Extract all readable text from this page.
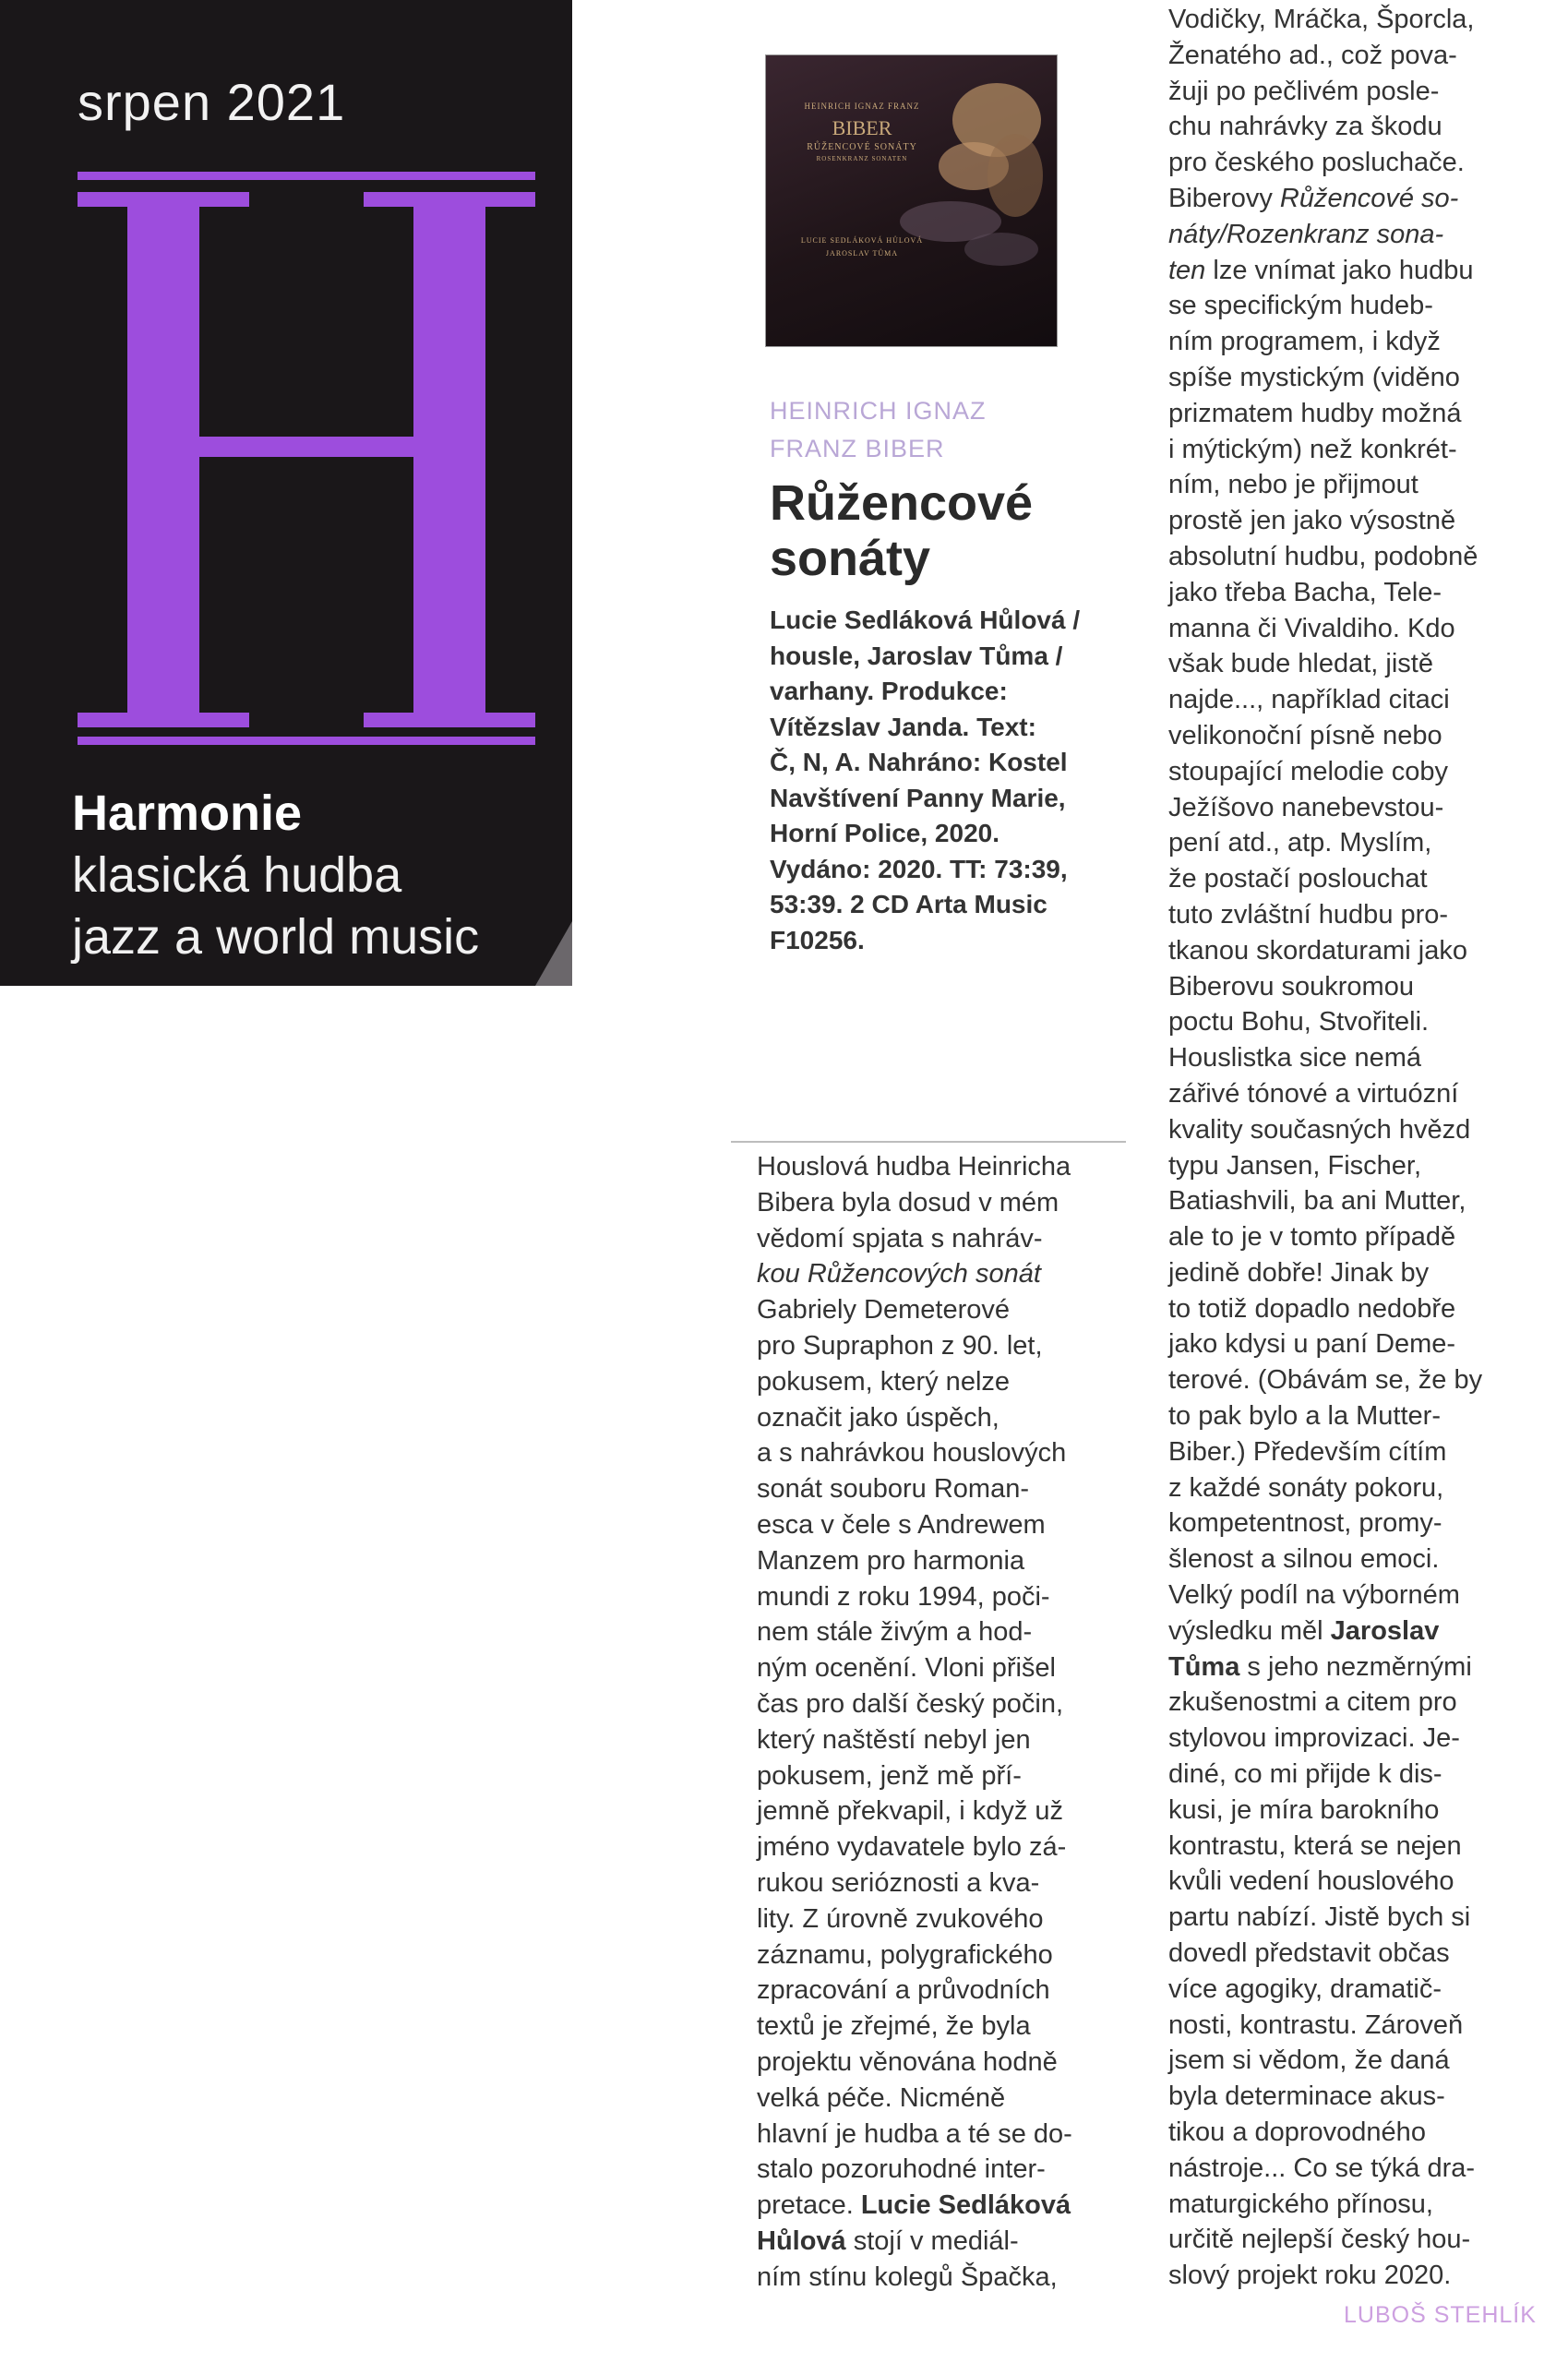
srpen 2021
Harmonie
klasická hudba
jazz a world music
HEINRICH IGNAZ FRANZ
BIBER
RŮŽENCOVÉ SONÁTY
ROSENKRANZ SONATEN
LUCIE SEDLÁKOVÁ HŮLOVÁ
JAROSLAV TŮMA
HEINRICH IGNAZ
FRANZ BIBER
Růžencové
sonáty

Lucie Sedláková Hůlová /

housle, Jaroslav Tůma /

varhany. Produkce:

Vítězslav Janda. Text:

Č, N, A. Nahráno: Kostel

Navštívení Panny Marie,

Horní Police, 2020.

Vydáno: 2020. TT: 73:39,

53:39. 2 CD Arta Music

F10256.

Houslová hudba Heinricha

Bibera byla dosud v mém

vědomí spjata s nahráv-

kou Růžencových sonát

Gabriely Demeterové

pro Supraphon z 90. let,

pokusem, který nelze

označit jako úspěch,

a s nahrávkou houslových

sonát souboru Roman-

esca v čele s Andrewem

Manzem pro harmonia

mundi z roku 1994, poči-

nem stále živým a hod-

ným ocenění. Vloni přišel

čas pro další český počin,

který naštěstí nebyl jen

pokusem, jenž mě pří-

jemně překvapil, i když už

jméno vydavatele bylo zá-

rukou serióznosti a kva-

lity. Z úrovně zvukového

záznamu, polygrafického

zpracování a průvodních

textů je zřejmé, že byla

projektu věnována hodně

velká péče. Nicméně

hlavní je hudba a té se do-

stalo pozoruhodné inter-

pretace. Lucie Sedláková

Hůlová stojí v mediál-

ním stínu kolegů Špačka,

Vodičky, Mráčka, Šporcla,

Ženatého ad., což pova-

žuji po pečlivém posle-

chu nahrávky za škodu

pro českého posluchače.

Biberovy Růžencové so-

náty/Rozenkranz sona-

ten lze vnímat jako hudbu

se specifickým hudeb-

ním programem, i když

spíše mystickým (viděno

prizmatem hudby možná

i mýtickým) než konkrét-

ním, nebo je přijmout

prostě jen jako výsostně

absolutní hudbu, podobně

jako třeba Bacha, Tele-

manna či Vivaldiho. Kdo

však bude hledat, jistě

najde..., například citaci

velikonoční písně nebo

stoupající melodie coby

Ježíšovo nanebevstou-

pení atd., atp. Myslím,

že postačí poslouchat

tuto zvláštní hudbu pro-

tkanou skordaturami jako

Biberovu soukromou

poctu Bohu, Stvořiteli.

Houslistka sice nemá

zářivé tónové a virtuózní

kvality současných hvězd

typu Jansen, Fischer,

Batiashvili, ba ani Mutter,

ale to je v tomto případě

jedině dobře! Jinak by

to totiž dopadlo nedobře

jako kdysi u paní Deme-

terové. (Obávám se, že by

to pak bylo a la Mutter-

Biber.) Především cítím

z každé sonáty pokoru,

kompetentnost, promy-

šlenost a silnou emoci.

Velký podíl na výborném

výsledku měl Jaroslav

Tůma s jeho nezměrnými

zkušenostmi a citem pro

stylovou improvizaci. Je-

diné, co mi přijde k dis-

kusi, je míra barokního

kontrastu, která se nejen

kvůli vedení houslového

partu nabízí. Jistě bych si

dovedl představit občas

více agogiky, dramatič-

nosti, kontrastu. Zároveň

jsem si vědom, že daná

byla determinace akus-

tikou a doprovodného

nástroje... Co se týká dra-

maturgického přínosu,

určitě nejlepší český hou-

slový projekt roku 2020.

LUBOŠ STEHLÍK
